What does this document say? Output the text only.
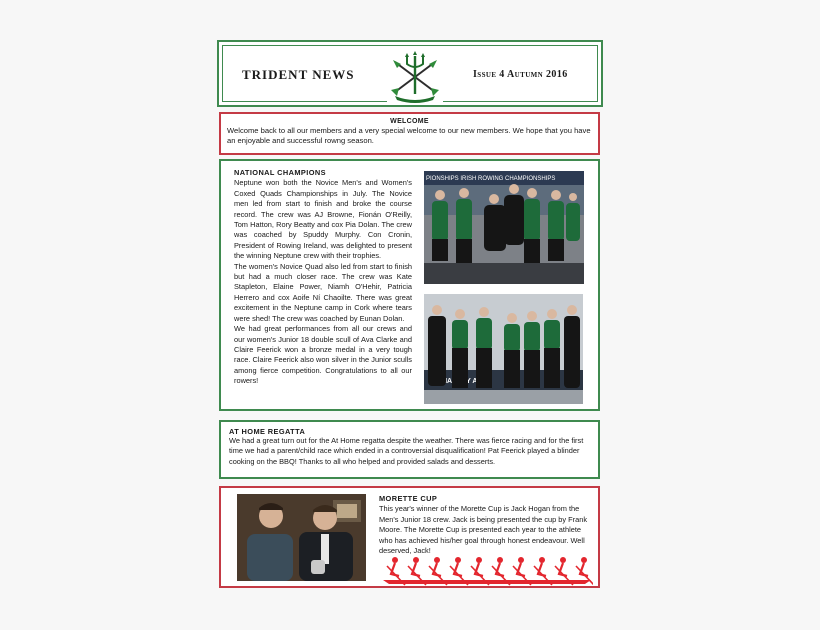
TRIDENT NEWS	Issue 4 Autumn 2016
WELCOME
Welcome back to all our members and a very special welcome to our new members. We hope that you have an enjoyable and successful rowng season.
NATIONAL CHAMPIONS

Neptune won both the Novice Men's and Women's Coxed Quads Championships in July. The Novice men led from start to finish and broke the course record. The crew was AJ Browne, Fionán O'Reilly, Tom Hatton, Rory Beatty and cox Pia Dolan. The crew was coached by Spuddy Murphy. Con Cronin, President of Rowing Ireland, was delighted to present the winning Neptune crew with their trophies.

The women's Novice Quad also led from start to finish but had a much closer race. The crew was Kate Stapleton, Elaine Power, Niamh O'Hehir, Patricia Herrero and cox Aoife Ní Chaoilte. There was great excitement in the Neptune camp in Cork where tears were shed! The crew was coached by Eunan Dolan.

We had great performances from all our crews and our women's Junior 18 double scull of Ava Clarke and Claire Feerick won a bronze medal in a very tough race. Claire Feerick also won silver in the Junior sculls among fierce competition. Congratulations to all our rowers!

PIONSHIPS IRISH ROWING CHAMPIONSHIPS
AT HOME REGATTA
We had a great turn out for the At Home regatta despite the weather. There was fierce racing and for the first time we had a parent/child race which ended in a controversial disqualification! Pat Feerick played a blinder cooking on the BBQ! Thanks to all who helped and provided salads and desserts.
MORETTE CUP
This year's winner of the Morette Cup is Jack Hogan from the Men's Junior 18 crew. Jack is being presented the cup by Frank Moore. The Morette Cup is presented each year to the athlete who has achieved his/her goal through honest endeavour. Well deserved, Jack!
